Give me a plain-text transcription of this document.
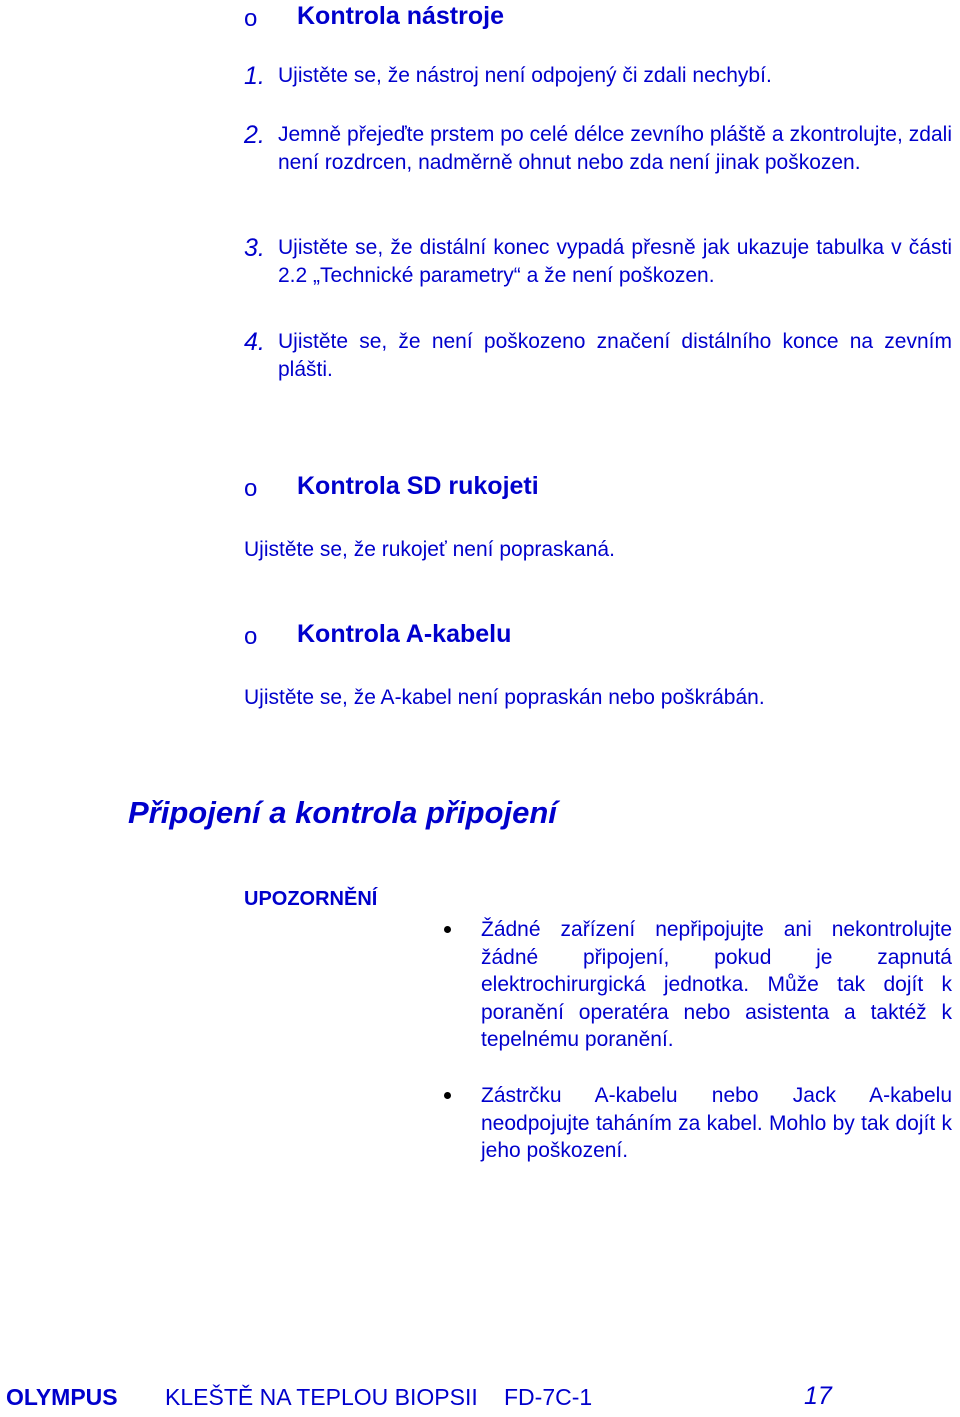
o Kontrola nástroje
1. Ujistěte se, že nástroj není odpojený či zdali nechybí.
2. Jemně přejeďte prstem po celé délce zevního pláště a zkontrolujte, zdali není rozdrcen, nadměrně ohnut nebo zda není jinak poškozen.
3. Ujistěte se, že distální konec vypadá přesně jak ukazuje tabulka v části 2.2 „Technické parametry“ a že není poškozen.
4. Ujistěte se, že není poškozeno značení distálního konce na zevním plášti.
o Kontrola SD rukojeti
Ujistěte se, že rukojeť není popraskaná.
o Kontrola A-kabelu
Ujistěte se, že A-kabel není popraskán nebo poškrábán.
Připojení a kontrola připojení
UPOZORNĚNÍ
Žádné zařízení nepřipojujte ani nekontrolujte žádné připojení, pokud je zapnutá elektrochirurgická jednotka. Může tak dojít k poranění operatéra nebo asistenta a taktéž k tepelnému poranění.
Zástrčku A-kabelu nebo Jack A-kabelu neodpojujte taháním za kabel. Mohlo by tak dojít k jeho poškození.
OLYMPUS KLEŠTĚ NA TEPLOU BIOPSII FD-7C-1	17
